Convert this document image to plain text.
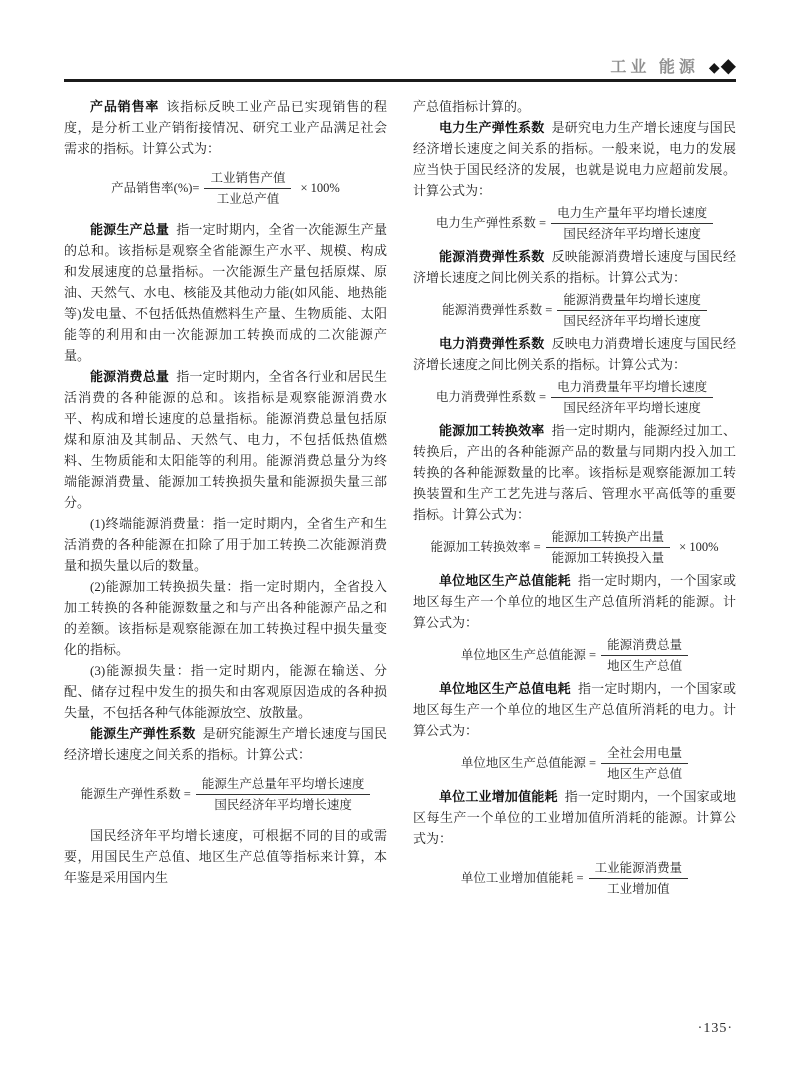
工业 能源 ◆ ◆

产品销售率 该指标反映工业产品已实现销售的程度，是分析工业产销衔接情况、研究工业产品满足社会需求的指标。计算公式为：

产品销售率(%)= $\frac{\text{工业销售产值}}{\text{工业总产值}} \times 100\%$

能源生产总量 指一定时期内，全省一次能源生产量的总和。该指标是观察全省能源生产水平、规模、构成和发展速度的总量指标。一次能源生产量包括原煤、原油、天然气、水电、核能及其他动力能(如风能、地热能等)发电量、不包括低热值燃料生产量、生物质能、太阳能等的利用和由一次能源加工转换而成的二次能源产量。

能源消费总量 指一定时期内，全省各行业和居民生活消费的各种能源的总和。该指标是观察能源消费水平、构成和增长速度的总量指标。能源消费总量包括原煤和原油及其制品、天然气、电力，不包括低热值燃料、生物质能和太阳能等的利用。能源消费总量分为终端能源消费量、能源加工转换损失量和能源损失量三部分。

(1)终端能源消费量：指一定时期内，全省生产和生活消费的各种能源在扣除了用于加工转换二次能源消费量和损失量以后的数量。

(2)能源加工转换损失量：指一定时期内，全省投入加工转换的各种能源数量之和与产出各种能源产品之和的差额。该指标是观察能源在加工转换过程中损失量变化的指标。

(3)能源损失量：指一定时期内，能源在输送、分配、储存过程中发生的损失和由客观原因造成的各种损失量，不包括各种气体能源放空、放散量。

能源生产弹性系数 是研究能源生产增长速度与国民经济增长速度之间关系的指标。计算公式：

能源生产弹性系数 = $\frac{\text{能源生产总量年平均增长速度}}{\text{国民经济年平均增长速度}}$

国民经济年平均增长速度，可根据不同的目的或需要，用国民生产总值、地区生产总值等指标来计算，本年鉴是采用国内生

产总值指标计算的。

电力生产弹性系数 是研究电力生产增长速度与国民经济增长速度之间关系的指标。一般来说，电力的发展应当快于国民经济的发展，也就是说电力应超前发展。计算公式为：

电力生产弹性系数 = $\frac{\text{电力生产量年平均增长速度}}{\text{国民经济年平均增长速度}}$

能源消费弹性系数 反映能源消费增长速度与国民经济增长速度之间比例关系的指标。计算公式为：

能源消费弹性系数 = $\frac{\text{能源消费量年均增长速度}}{\text{国民经济年平均增长速度}}$

电力消费弹性系数 反映电力消费增长速度与国民经济增长速度之间比例关系的指标。计算公式为：

电力消费弹性系数 = $\frac{\text{电力消费量年平均增长速度}}{\text{国民经济年平均增长速度}}$

能源加工转换效率 指一定时期内，能源经过加工、转换后，产出的各种能源产品的数量与同期内投入加工转换的各种能源数量的比率。该指标是观察能源加工转换装置和生产工艺先进与落后、管理水平高低等的重要指标。计算公式为：

能源加工转换效率 = $\frac{\text{能源加工转换产出量}}{\text{能源加工转换投入量}} \times 100\%$

单位地区生产总值能耗 指一定时期内，一个国家或地区每生产一个单位的地区生产总值所消耗的能源。计算公式为：

单位地区生产总值能源 = $\frac{\text{能源消费总量}}{\text{地区生产总值}}$

单位地区生产总值电耗 指一定时期内，一个国家或地区每生产一个单位的地区生产总值所消耗的电力。计算公式为：

单位地区生产总值能源 = $\frac{\text{全社会用电量}}{\text{地区生产总值}}$

单位工业增加值能耗 指一定时期内，一个国家或地区每生产一个单位的工业增加值所消耗的能源。计算公式为：

单位工业增加值能耗 = $\frac{\text{工业能源消费量}}{\text{工业增加值}}$
·135·
